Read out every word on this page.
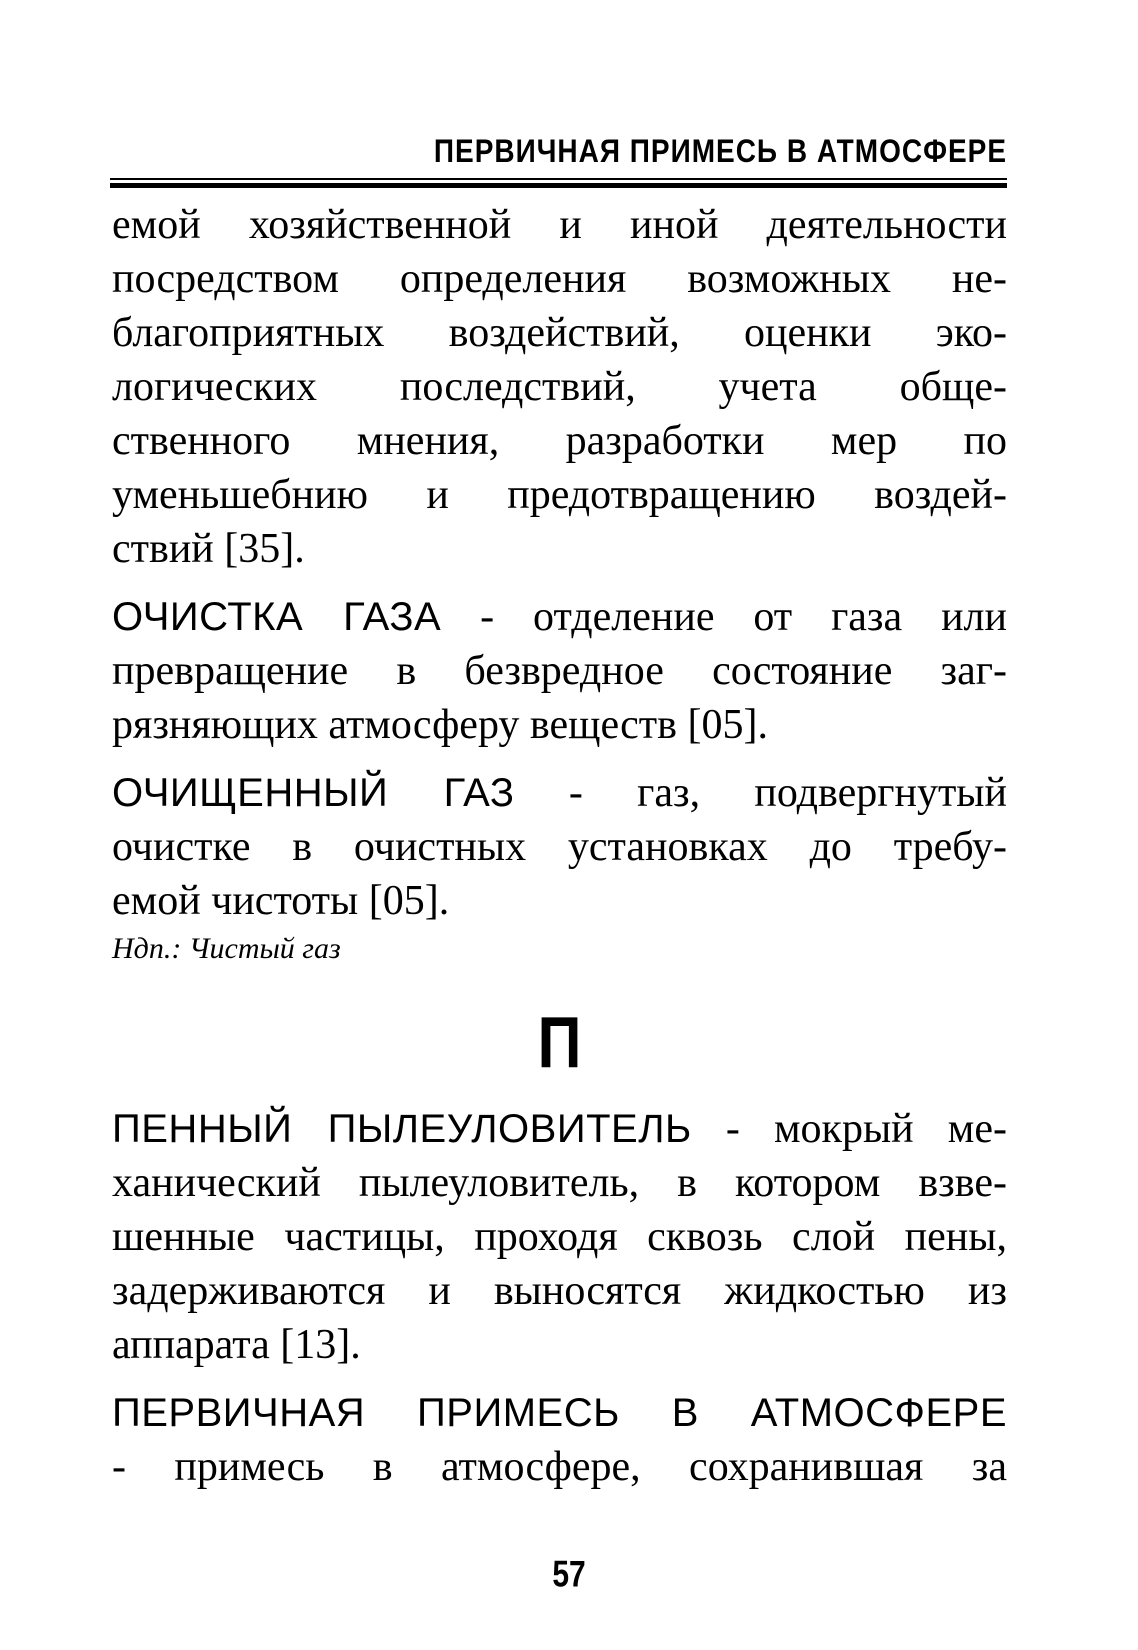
ПЕРВИЧНАЯ ПРИМЕСЬ В АТМОСФЕРЕ
емой хозяйственной и иной деятельности
посредством определения возможных не-
благоприятных воздействий, оценки эко-
логических последствий, учета обще-
ственного мнения, разработки мер по
уменьшебнию и предотвращению воздей-
ствий [35].
ОЧИСТКА ГАЗА - отделение от газа или
превращение в безвредное состояние заг-
рязняющих атмосферу веществ [05].
ОЧИЩЕННЫЙ ГАЗ - газ, подвергнутый
очистке в очистных установках до требу-
емой чистоты [05].
Ндп.: Чистый газ
П
ПЕННЫЙ ПЫЛЕУЛОВИТЕЛЬ - мокрый ме-
ханический пылеуловитель, в котором взве-
шенные частицы, проходя сквозь слой пены,
задерживаются и выносятся жидкостью из
аппарата [13].
ПЕРВИЧНАЯ ПРИМЕСЬ В АТМОСФЕРЕ
- примесь в атмосфере, сохранившая за
57
